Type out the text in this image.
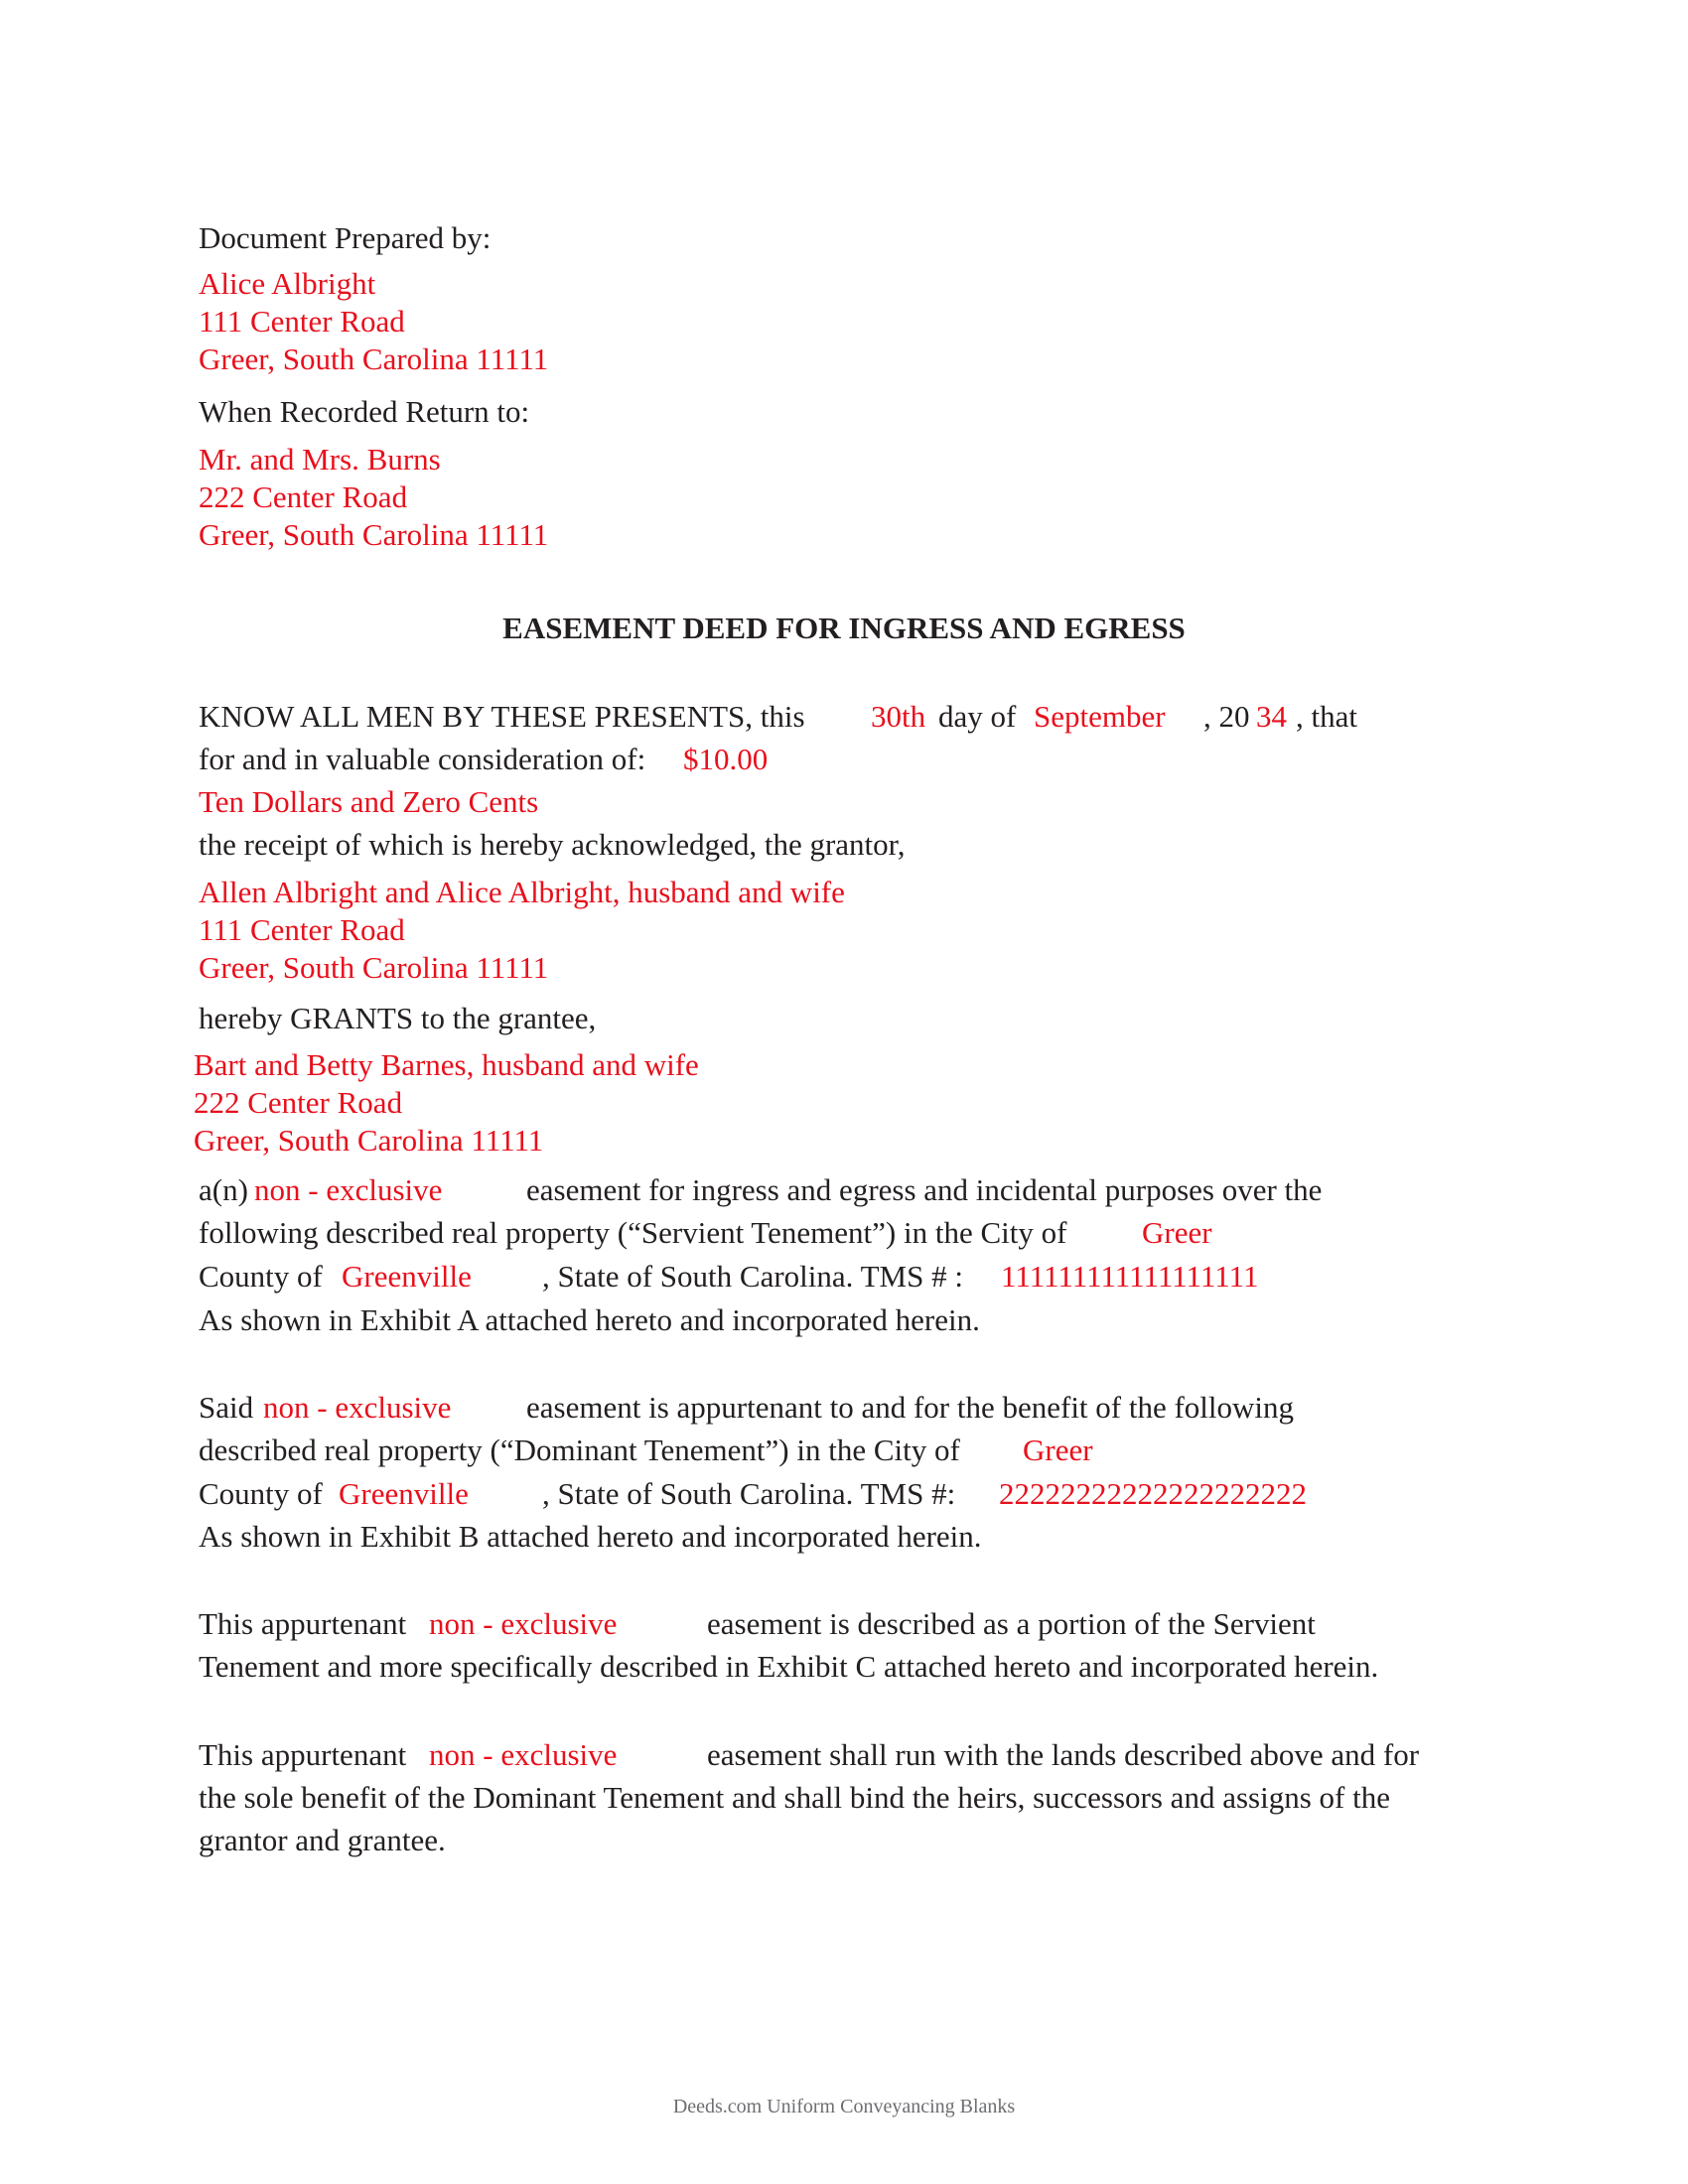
Document Prepared by:
Alice Albright
111 Center Road
Greer, South Carolina 11111
When Recorded Return to:
Mr. and Mrs. Burns
222 Center Road
Greer, South Carolina 11111
EASEMENT DEED FOR INGRESS AND EGRESS
KNOW ALL MEN BY THESE PRESENTS, this 30th day of September , 20 34 , that
for and in valuable consideration of: $10.00
Ten Dollars and Zero Cents
the receipt of which is hereby acknowledged, the grantor,
Allen Albright and Alice Albright, husband and wife
111 Center Road
Greer, South Carolina 11111
hereby GRANTS to the grantee,
Bart and Betty Barnes, husband and wife
222 Center Road
Greer, South Carolina 11111
a(n) non - exclusive	easement for ingress and egress and incidental purposes over the
following described real property (“Servient Tenement”) in the City of Greer
County of Greenville , State of South Carolina. TMS # : 111111111111111111
As shown in Exhibit A attached hereto and incorporated herein.
Said non - exclusive easement is appurtenant to and for the benefit of the following
described real property (“Dominant Tenement”) in the City of Greer
County of Greenville , State of South Carolina. TMS #: 22222222222222222222
As shown in Exhibit B attached hereto and incorporated herein.
This appurtenant non - exclusive	easement is described as a portion of the Servient
Tenement and more specifically described in Exhibit C attached hereto and incorporated herein.
This appurtenant non - exclusive	easement shall run with the lands described above and for
the sole benefit of the Dominant Tenement and shall bind the heirs, successors and assigns of the
grantor and grantee.
Deeds.com Uniform Conveyancing Blanks
